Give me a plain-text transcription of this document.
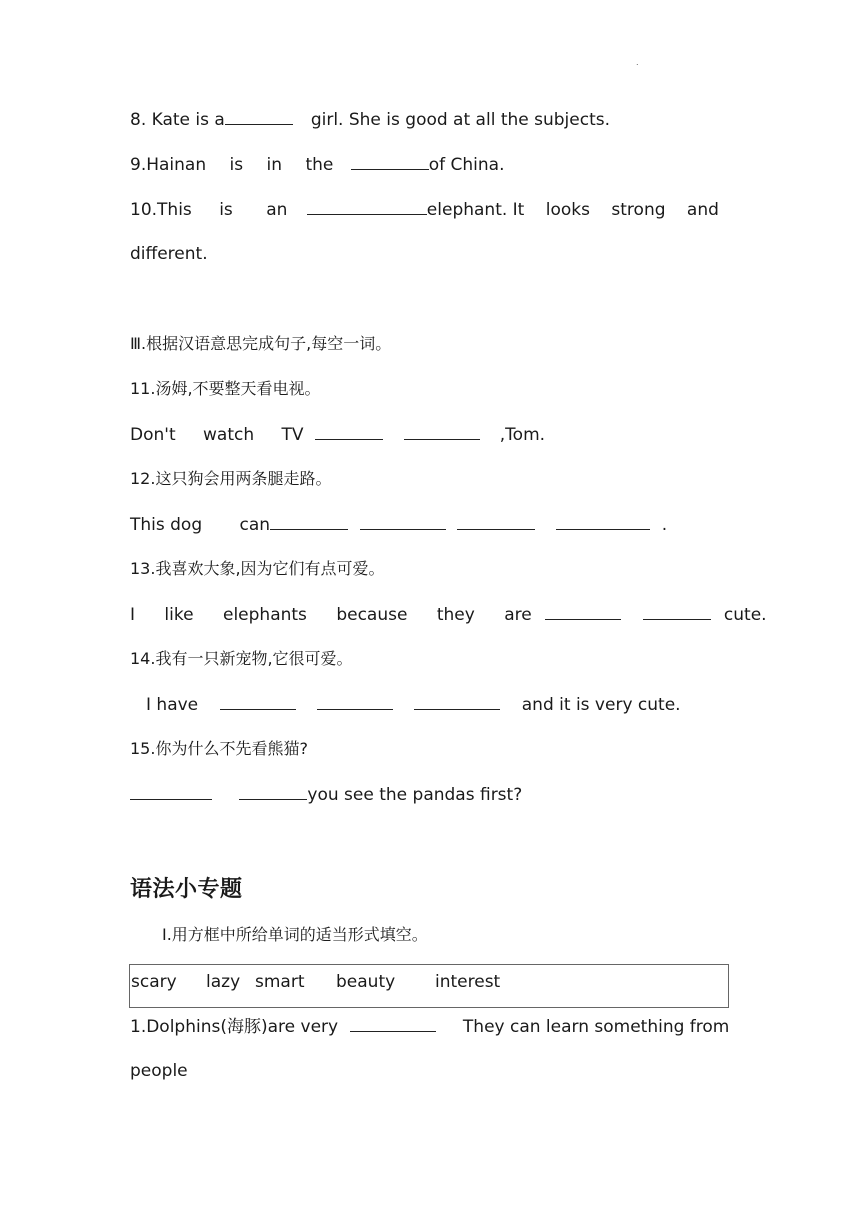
.
8. Kate is a	girl. She is good at all the subjects.
9.Hainan is in the	of China.
10.This is an	elephant. It looks strong and
different.
Ⅲ.根据汉语意思完成句子,每空一词。
11.汤姆,不要整天看电视。
Don't watch TV	,Tom.
12.这只狗会用两条腿走路。
This dog can	.
13.我喜欢大象,因为它们有点可爱。
I like elephants because they are	cute.
14.我有一只新宠物,它很可爱。
I have	and it is very cute.
15.你为什么不先看熊猫?
you see the pandas first?
语法小专题
Ⅰ.用方框中所给单词的适当形式填空。
scary lazy smart beauty interest
1.Dolphins(海豚)are very	They can learn something from
people
